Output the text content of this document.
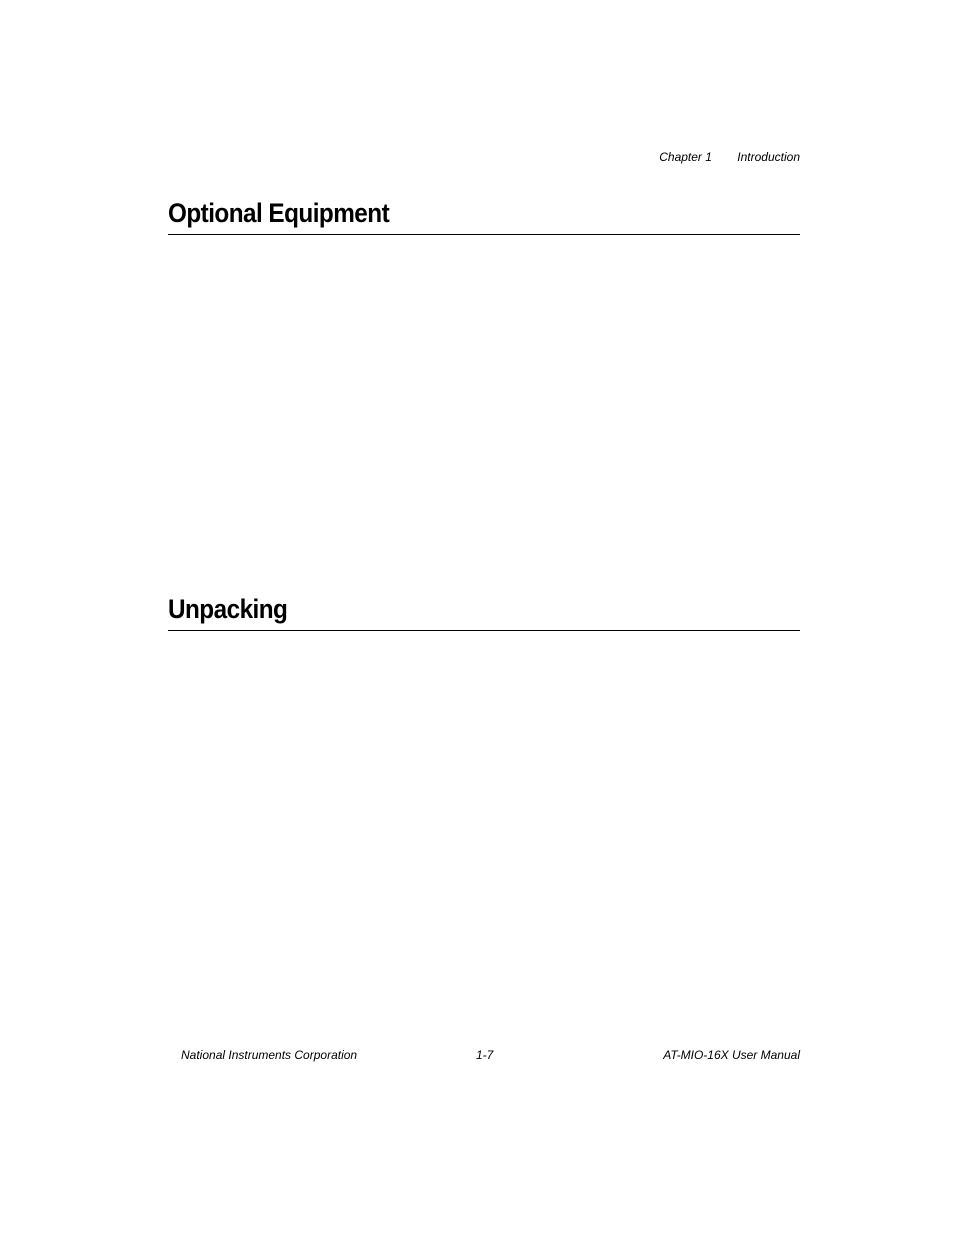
Chapter 1 Introduction
Optional Equipment
Unpacking
National Instruments Corporation	1-7	AT-MIO-16X User Manual
